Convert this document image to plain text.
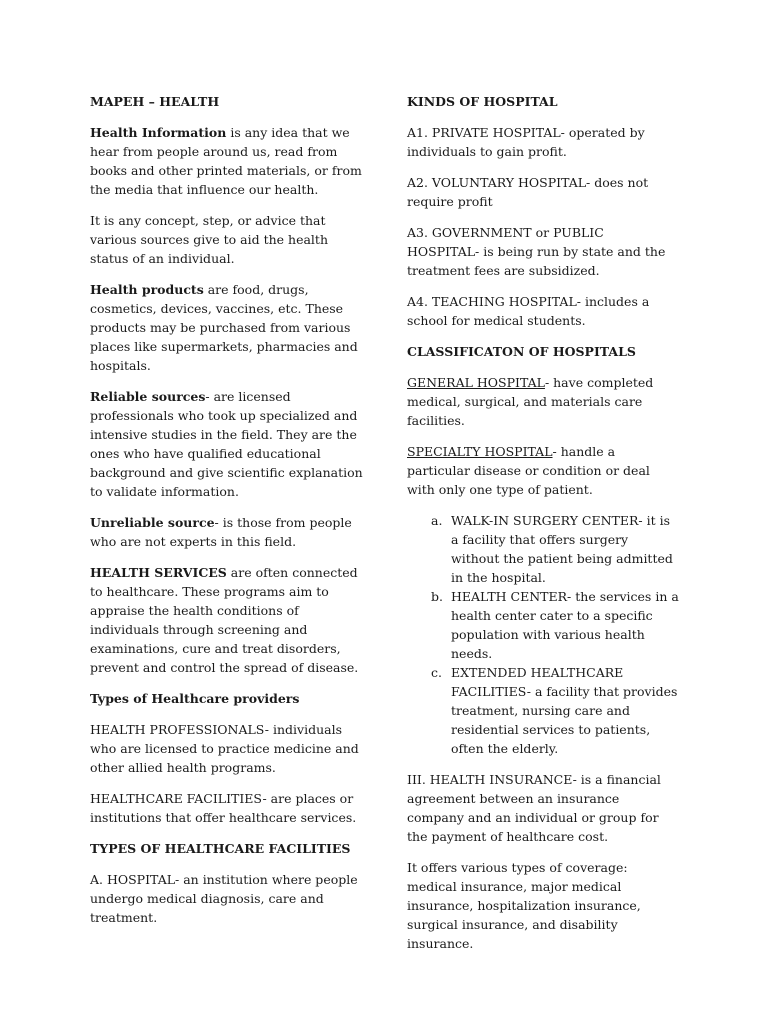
MAPEH – HEALTH

Health Information is any idea that we hear from people around us, read from books and other printed materials, or from the media that influence our health.

It is any concept, step, or advice that various sources give to aid the health status of an individual.

Health products are food, drugs, cosmetics, devices, vaccines, etc. These products may be purchased from various places like supermarkets, pharmacies and hospitals.

Reliable sources- are licensed professionals who took up specialized and intensive studies in the field. They are the ones who have qualified educational background and give scientific explanation to validate information.

Unreliable source- is those from people who are not experts in this field.

HEALTH SERVICES are often connected to healthcare. These programs aim to appraise the health conditions of individuals through screening and examinations, cure and treat disorders, prevent and control the spread of disease.

Types of Healthcare providers

HEALTH PROFESSIONALS- individuals who are licensed to practice medicine and other allied health programs.

HEALTHCARE FACILITIES- are places or institutions that offer healthcare services.

TYPES OF HEALTHCARE FACILITIES

A. HOSPITAL- an institution where people undergo medical diagnosis, care and treatment.

KINDS OF HOSPITAL

A1. PRIVATE HOSPITAL- operated by individuals to gain profit.

A2. VOLUNTARY HOSPITAL- does not require profit

A3. GOVERNMENT or PUBLIC HOSPITAL- is being run by state and the treatment fees are subsidized.

A4. TEACHING HOSPITAL- includes a school for medical students.

CLASSIFICATON OF HOSPITALS

GENERAL HOSPITAL- have completed medical, surgical, and materials care facilities.

SPECIALTY HOSPITAL- handle a particular disease or condition or deal with only one type of patient.

a. WALK-IN SURGERY CENTER- it is a facility that offers surgery without the patient being admitted in the hospital.
b. HEALTH CENTER- the services in a health center cater to a specific population with various health needs.
c. EXTENDED HEALTHCARE FACILITIES- a facility that provides treatment, nursing care and residential services to patients, often the elderly.

III. HEALTH INSURANCE- is a financial agreement between an insurance company and an individual or group for the payment of healthcare cost.

It offers various types of coverage: medical insurance, major medical insurance, hospitalization insurance, surgical insurance, and disability insurance.
